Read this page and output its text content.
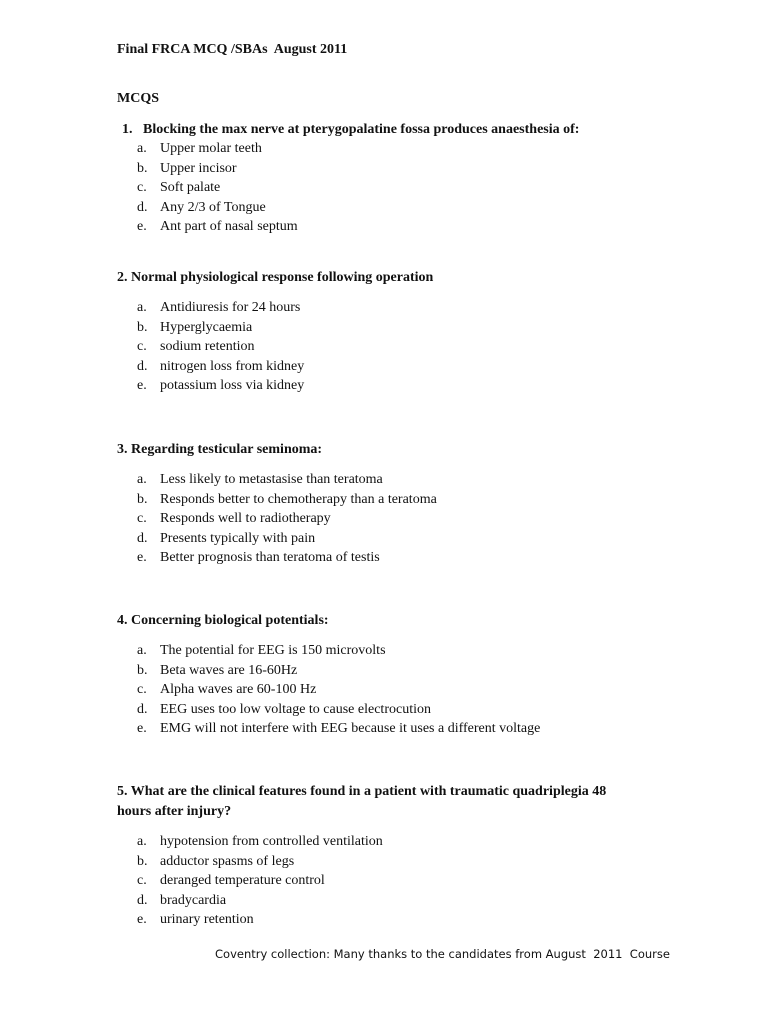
Final FRCA MCQ /SBAs  August 2011
MCQS
1. Blocking the max nerve at pterygopalatine fossa produces anaesthesia of:
a. Upper molar teeth
b. Upper incisor
c. Soft palate
d. Any 2/3 of Tongue
e. Ant part of nasal septum
2. Normal physiological response following operation
a. Antidiuresis for 24 hours
b. Hyperglycaemia
c. sodium retention
d. nitrogen loss from kidney
e. potassium loss via kidney
3. Regarding testicular seminoma:
a. Less likely to metastasise than teratoma
b. Responds better to chemotherapy than a teratoma
c. Responds well to radiotherapy
d. Presents typically with pain
e. Better prognosis than teratoma of testis
4. Concerning biological potentials:
a. The potential for EEG is 150 microvolts
b. Beta waves are 16-60Hz
c. Alpha waves are 60-100 Hz
d. EEG uses too low voltage to cause electrocution
e. EMG will not interfere with EEG because it uses a different voltage
5. What are the clinical features found in a patient with traumatic quadriplegia 48 hours after injury?
a. hypotension from controlled ventilation
b. adductor spasms of legs
c. deranged temperature control
d. bradycardia
e. urinary retention
Coventry collection: Many thanks to the candidates from August  2011  Course
